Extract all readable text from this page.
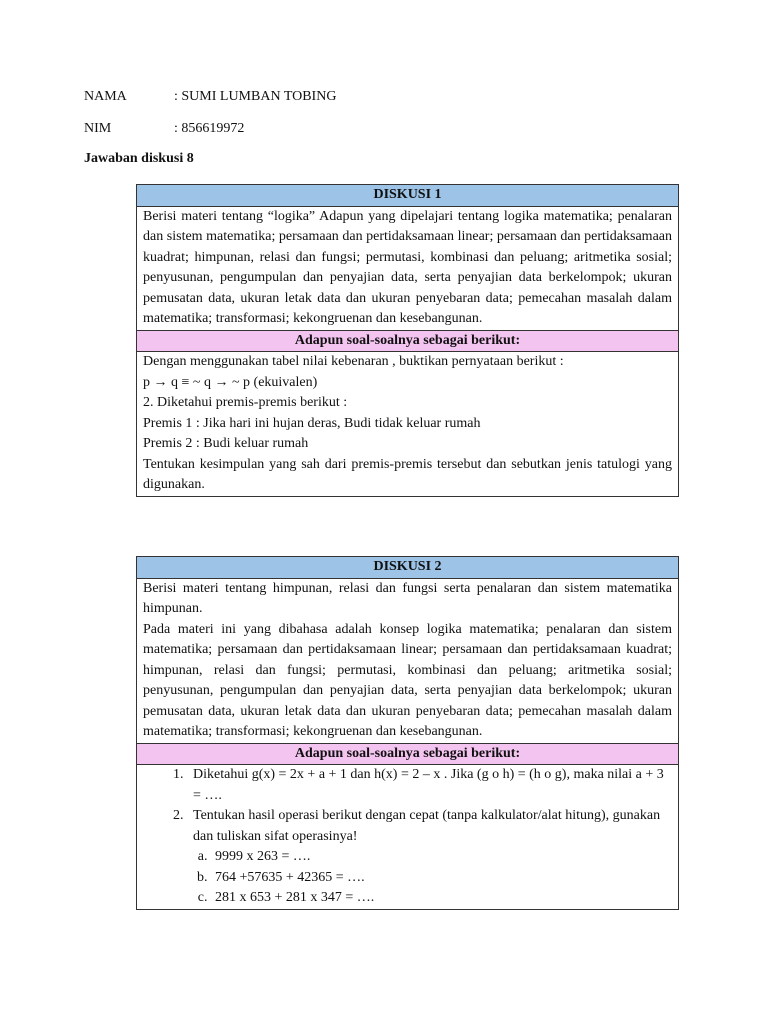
NAMA	: SUMI LUMBAN TOBING
NIM	: 856619972
Jawaban diskusi 8
DISKUSI 1
Berisi materi tentang “logika” Adapun yang dipelajari tentang logika matematika; penalaran dan sistem matematika; persamaan dan pertidaksamaan linear; persamaan dan pertidaksamaan kuadrat; himpunan, relasi dan fungsi; permutasi, kombinasi dan peluang; aritmetika sosial; penyusunan, pengumpulan dan penyajian data, serta penyajian data berkelompok; ukuran pemusatan data, ukuran letak data dan ukuran penyebaran data; pemecahan masalah dalam matematika; transformasi; kekongruenan dan kesebangunan.
Adapun soal-soalnya sebagai berikut:

Dengan menggunakan tabel nilai kebenaran , buktikan pernyataan berikut :
p → q ≡ ~ q → ~ p (ekuivalen)
2. Diketahui premis-premis berikut :
Premis 1 : Jika hari ini hujan deras, Budi tidak keluar rumah
Premis 2 : Budi keluar rumah
Tentukan kesimpulan yang sah dari premis-premis tersebut dan sebutkan jenis tatulogi yang digunakan.
DISKUSI 2

Berisi materi tentang himpunan, relasi dan fungsi serta penalaran dan sistem matematika himpunan.
Pada materi ini yang dibahasa adalah konsep logika matematika; penalaran dan sistem matematika; persamaan dan pertidaksamaan linear; persamaan dan pertidaksamaan kuadrat; himpunan, relasi dan fungsi; permutasi, kombinasi dan peluang; aritmetika sosial; penyusunan, pengumpulan dan penyajian data, serta penyajian data berkelompok; ukuran pemusatan data, ukuran letak data dan ukuran penyebaran data; pemecahan masalah dalam matematika; transformasi; kekongruenan dan kesebangunan.

Adapun soal-soalnya sebagai berikut:

1. Diketahui g(x) = 2x + a + 1 dan h(x) = 2 – x . Jika (g o h) = (h o g), maka nilai a + 3 = ….
2. Tentukan hasil operasi berikut dengan cepat (tanpa kalkulator/alat hitung), gunakan dan tuliskan sifat operasinya!
a. 9999 x 263 = ….
b. 764 +57635 + 42365 = ….
c. 281 x 653 + 281 x 347 = ….
